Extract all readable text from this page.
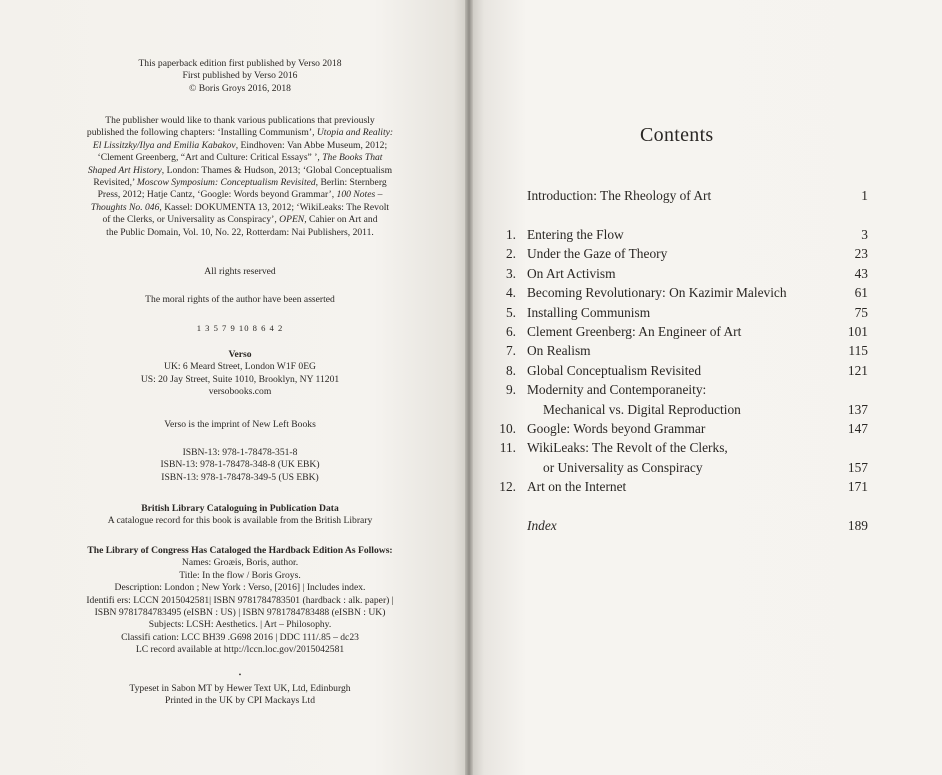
This paperback edition first published by Verso 2018
First published by Verso 2016
© Boris Groys 2016, 2018
The publisher would like to thank various publications that previously
published the following chapters: ‘Installing Communism’, Utopia and Reality:
El Lissitzky/Ilya and Emilia Kabakov, Eindhoven: Van Abbe Museum, 2012;
‘Clement Greenberg, “Art and Culture: Critical Essays” ’, The Books That
Shaped Art History, London: Thames & Hudson, 2013; ‘Global Conceptualism
Revisited,’ Moscow Symposium: Conceptualism Revisited, Berlin: Sternberg
Press, 2012; Hatje Cantz, ‘Google: Words beyond Grammar’, 100 Notes –
Thoughts No. 046, Kassel: DOKUMENTA 13, 2012; ‘WikiLeaks: The Revolt
of the Clerks, or Universality as Conspiracy’, OPEN, Cahier on Art and
the Public Domain, Vol. 10, No. 22, Rotterdam: Nai Publishers, 2011.
All rights reserved
The moral rights of the author have been asserted
1 3 5 7 9 10 8 6 4 2
Verso
UK: 6 Meard Street, London W1F 0EG
US: 20 Jay Street, Suite 1010, Brooklyn, NY 11201
versobooks.com
Verso is the imprint of New Left Books
ISBN-13: 978-1-78478-351-8
ISBN-13: 978-1-78478-348-8 (UK EBK)
ISBN-13: 978-1-78478-349-5 (US EBK)
British Library Cataloguing in Publication Data
A catalogue record for this book is available from the British Library
The Library of Congress Has Cataloged the Hardback Edition As Follows:
Names: Groæis, Boris, author.
Title: In the flow / Boris Groys.
Description: London ; New York : Verso, [2016] | Includes index.
Identifi ers: LCCN 2015042581| ISBN 9781784783501 (hardback : alk. paper) |
ISBN 9781784783495 (eISBN : US) | ISBN 9781784783488 (eISBN : UK)
Subjects: LCSH: Aesthetics. | Art – Philosophy.
Classifi cation: LCC BH39 .G698 2016 | DDC 111/.85 – dc23
LC record available at http://lccn.loc.gov/2015042581
•
Typeset in Sabon MT by Hewer Text UK, Ltd, Edinburgh
Printed in the UK by CPI Mackays Ltd
Contents
Introduction: The Rheology of Art	1
1. Entering the Flow	3
2. Under the Gaze of Theory	23
3. On Art Activism	43
4. Becoming Revolutionary: On Kazimir Malevich	61
5. Installing Communism	75
6. Clement Greenberg: An Engineer of Art	101
7. On Realism	115
8. Global Conceptualism Revisited	121
9. Modernity and Contemporaneity:
Mechanical vs. Digital Reproduction	137
10. Google: Words beyond Grammar	147
11. WikiLeaks: The Revolt of the Clerks,
or Universality as Conspiracy	157
12. Art on the Internet	171
Index	189
